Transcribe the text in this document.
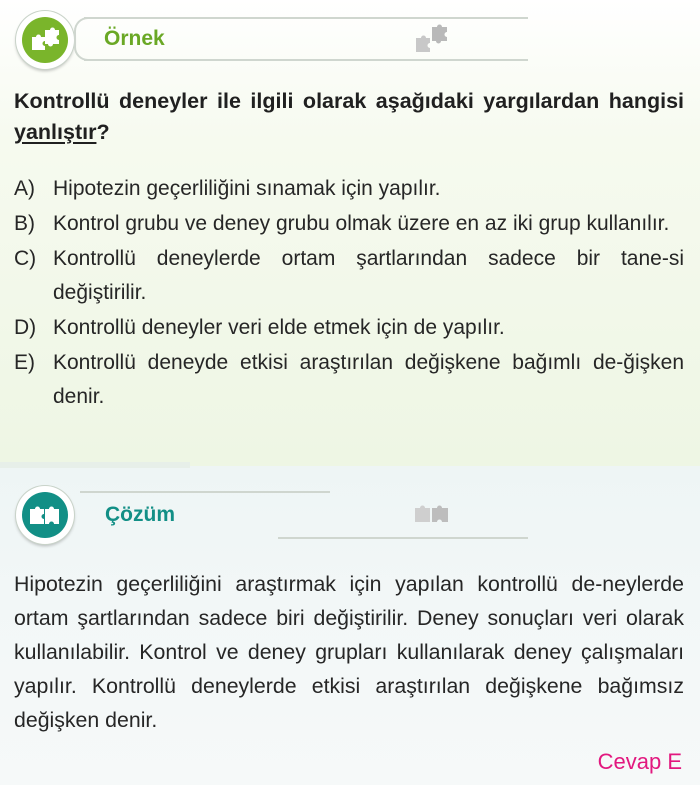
Örnek
Kontrollü deneyler ile ilgili olarak aşağıdaki yargılardan hangisi yanlıştır?
A) Hipotezin geçerliliğini sınamak için yapılır.
B) Kontrol grubu ve deney grubu olmak üzere en az iki grup kullanılır.
C) Kontrollü deneylerde ortam şartlarından sadece bir tane-si değiştirilir.
D) Kontrollü deneyler veri elde etmek için de yapılır.
E) Kontrollü deneyde etkisi araştırılan değişkene bağımlı de-ğişken denir.
Çözüm
Hipotezin geçerliliğini araştırmak için yapılan kontrollü de-neylerde ortam şartlarından sadece biri değiştirilir. Deney sonuçları veri olarak kullanılabilir. Kontrol ve deney grupları kullanılarak deney çalışmaları yapılır. Kontrollü deneylerde etkisi araştırılan değişkene bağımsız değişken denir.
Cevap E
